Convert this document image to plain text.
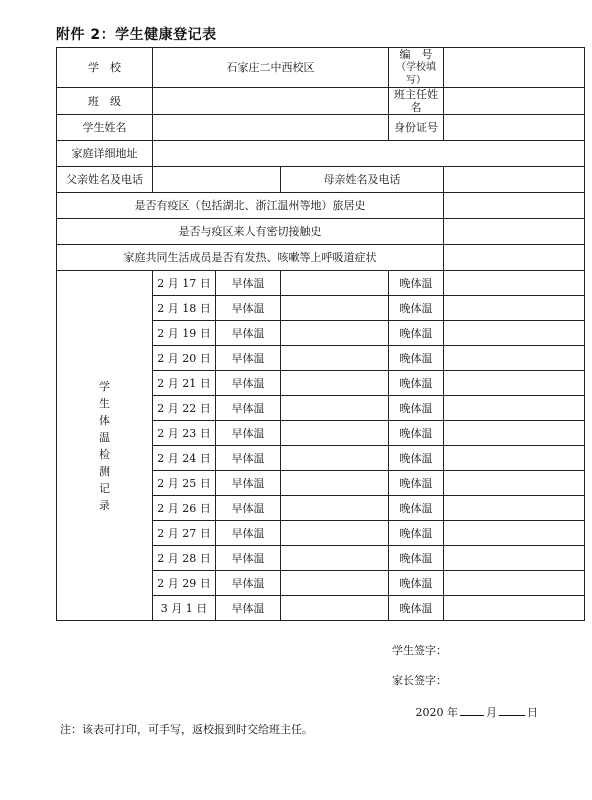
附件 2：学生健康登记表
学　校	石家庄二中西校区			编　号
（学校填写）	

班　级				班主任姓名	
学生姓名				身份证号	
家庭详细地址					
父亲姓名及电话			母亲姓名及电话		
是否有疫区（包括湖北、浙江温州等地）旅居史					
是否与疫区来人有密切接触史					
家庭共同生活成员是否有发热、咳嗽等上呼吸道症状					
学生体温检测记录	2 月 17 日	早体温		晚体温	
	2 月 18 日	早体温		晚体温	
	2 月 19 日	早体温		晚体温	
	2 月 20 日	早体温		晚体温	
	2 月 21 日	早体温		晚体温	
	2 月 22 日	早体温		晚体温	
	2 月 23 日	早体温		晚体温	
	2 月 24 日	早体温		晚体温	
	2 月 25 日	早体温		晚体温	
	2 月 26 日	早体温		晚体温	
	2 月 27 日	早体温		晚体温	
	2 月 28 日	早体温		晚体温	
	2 月 29 日	早体温		晚体温	
	3 月 1 日	早体温		晚体温	
学生签字：
家长签字：
2020 年	月	日
注：该表可打印，可手写，返校报到时交给班主任。
